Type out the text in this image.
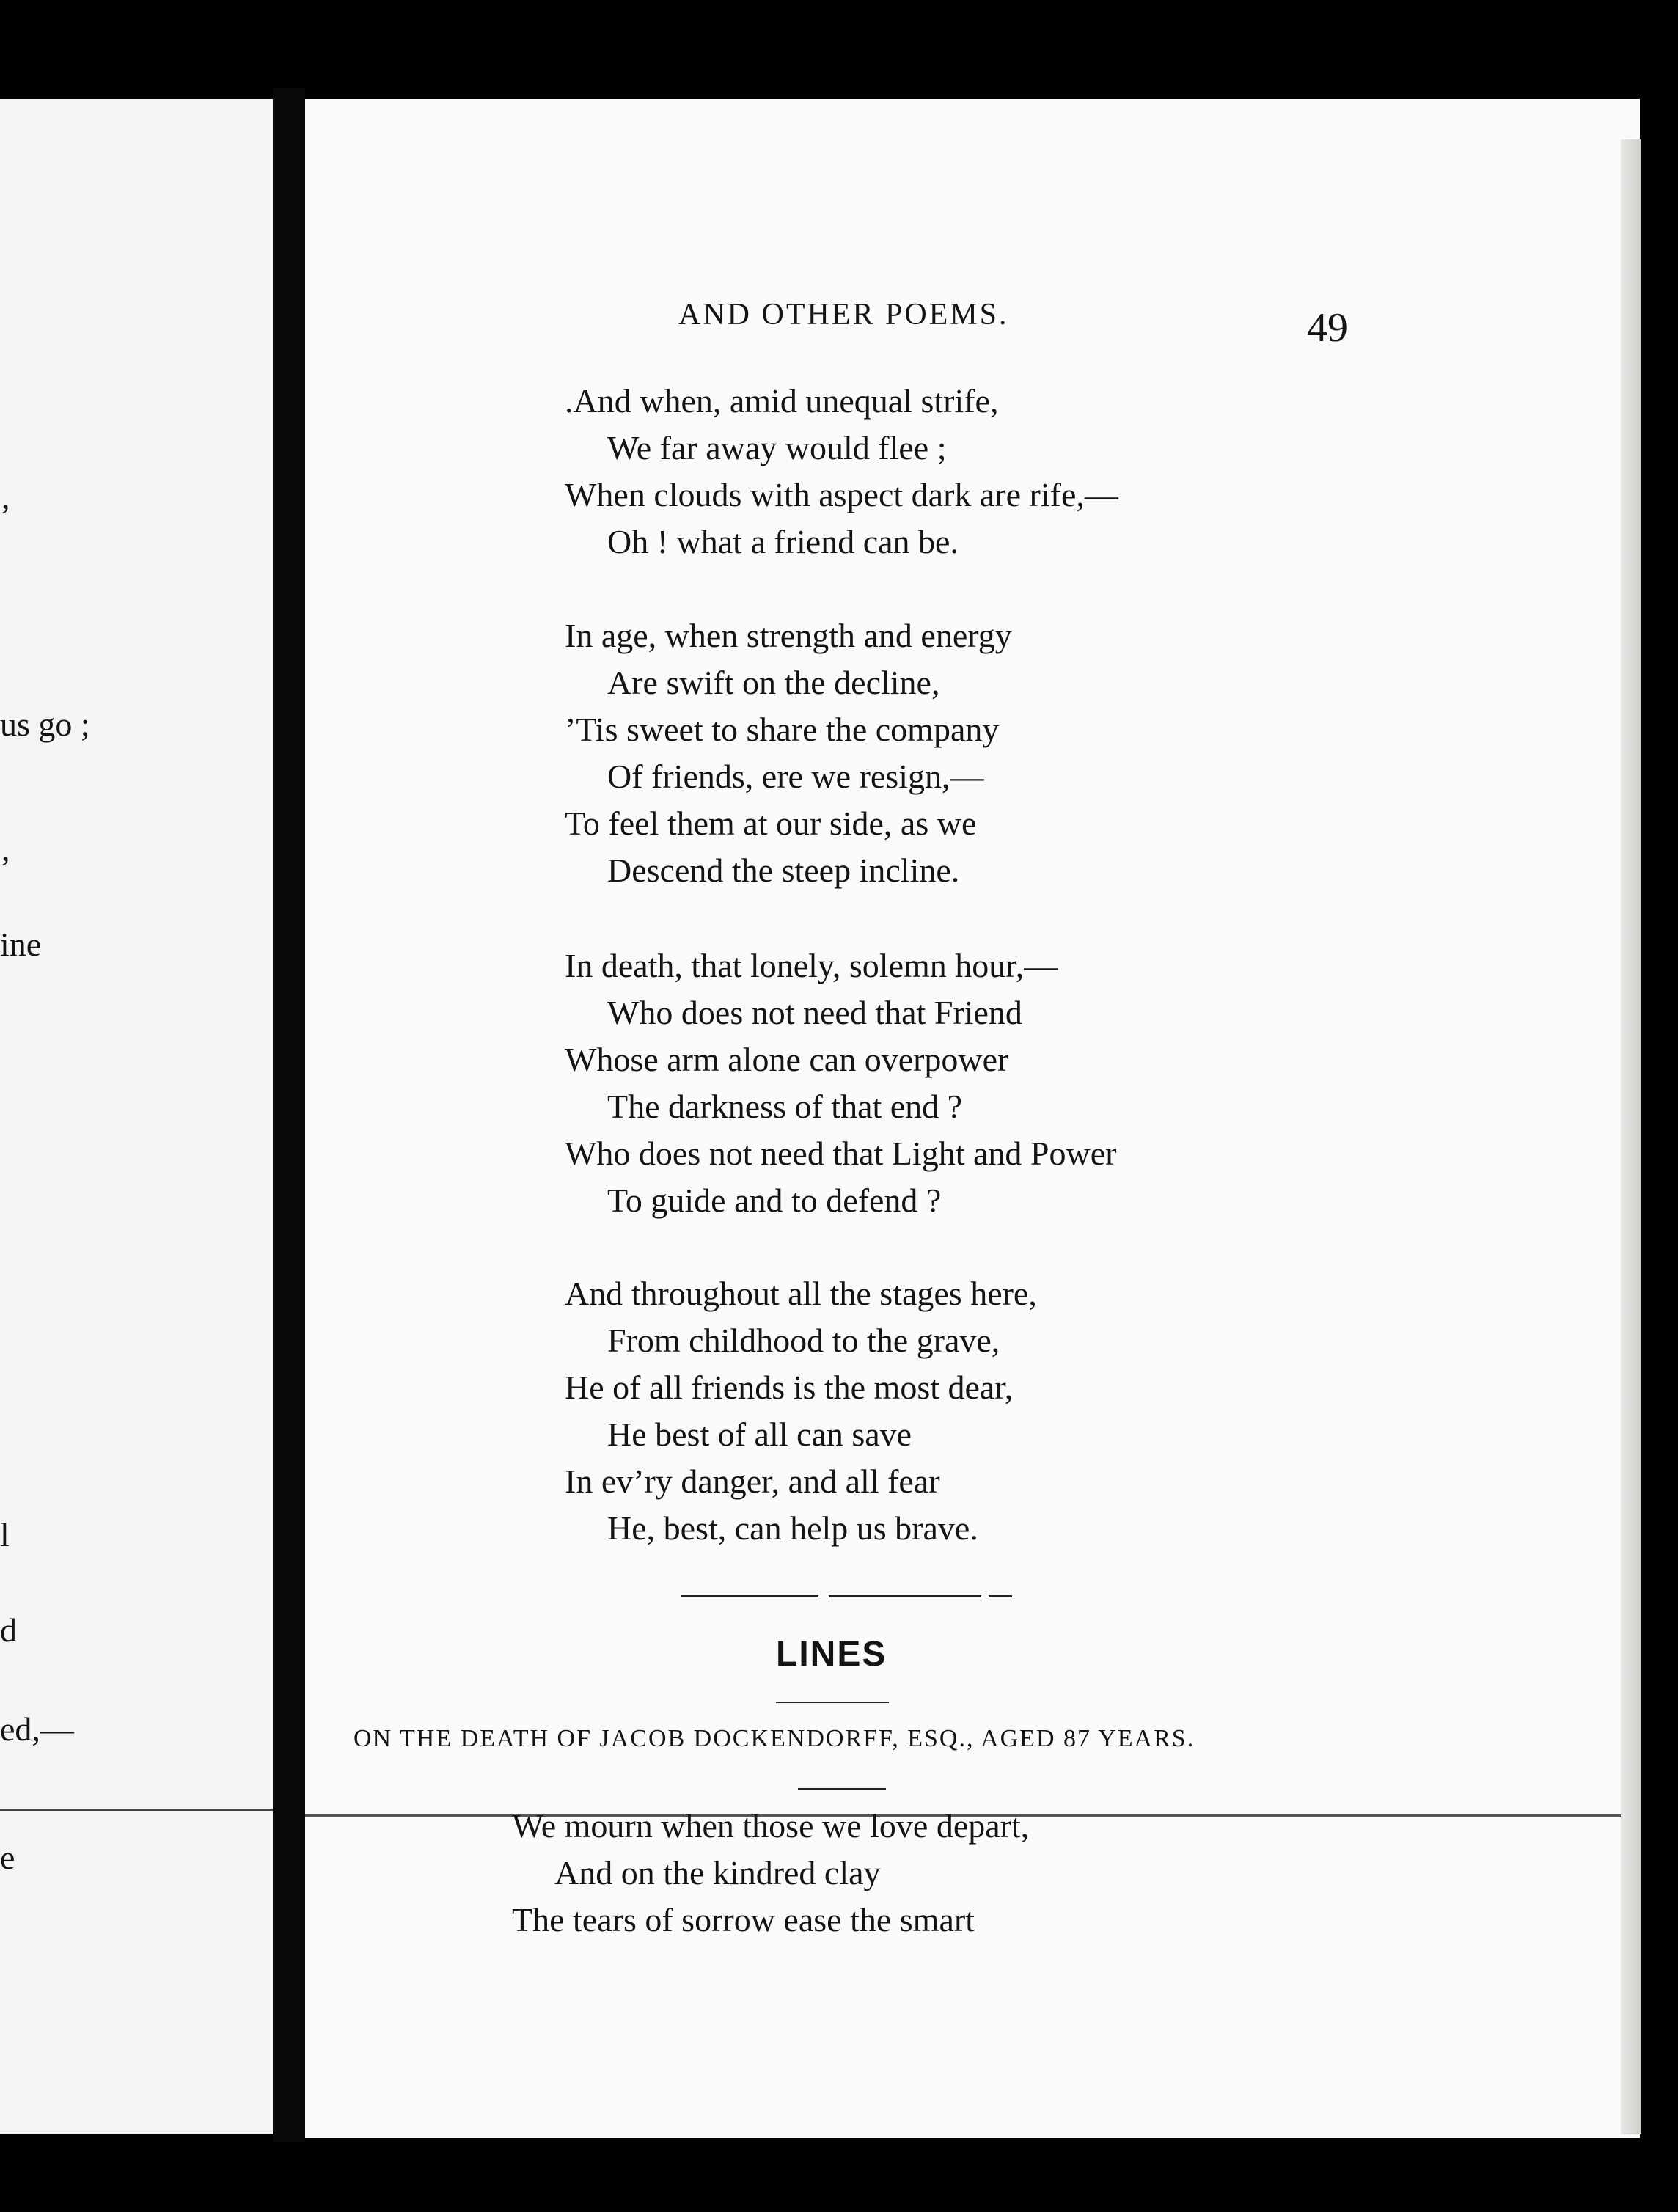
,
us go ;
,
ine
l
d
ed,—
e
AND OTHER POEMS.	49
.And when, amid unequal strife,
We far away would flee ;
When clouds with aspect dark are rife,—
Oh ! what a friend can be.
In age, when strength and energy
Are swift on the decline,
’Tis sweet to share the company
Of friends, ere we resign,—
To feel them at our side, as we
Descend the steep incline.
In death, that lonely, solemn hour,—
Who does not need that Friend
Whose arm alone can overpower
The darkness of that end ?
Who does not need that Light and Power
To guide and to defend ?
And throughout all the stages here,
From childhood to the grave,
He of all friends is the most dear,
He best of all can save
In ev’ry danger, and all fear
He, best, can help us brave.
LINES
ON THE DEATH OF JACOB DOCKENDORFF, ESQ., AGED 87 YEARS.
We mourn when those we love depart,
And on the kindred clay
The tears of sorrow ease the smart
